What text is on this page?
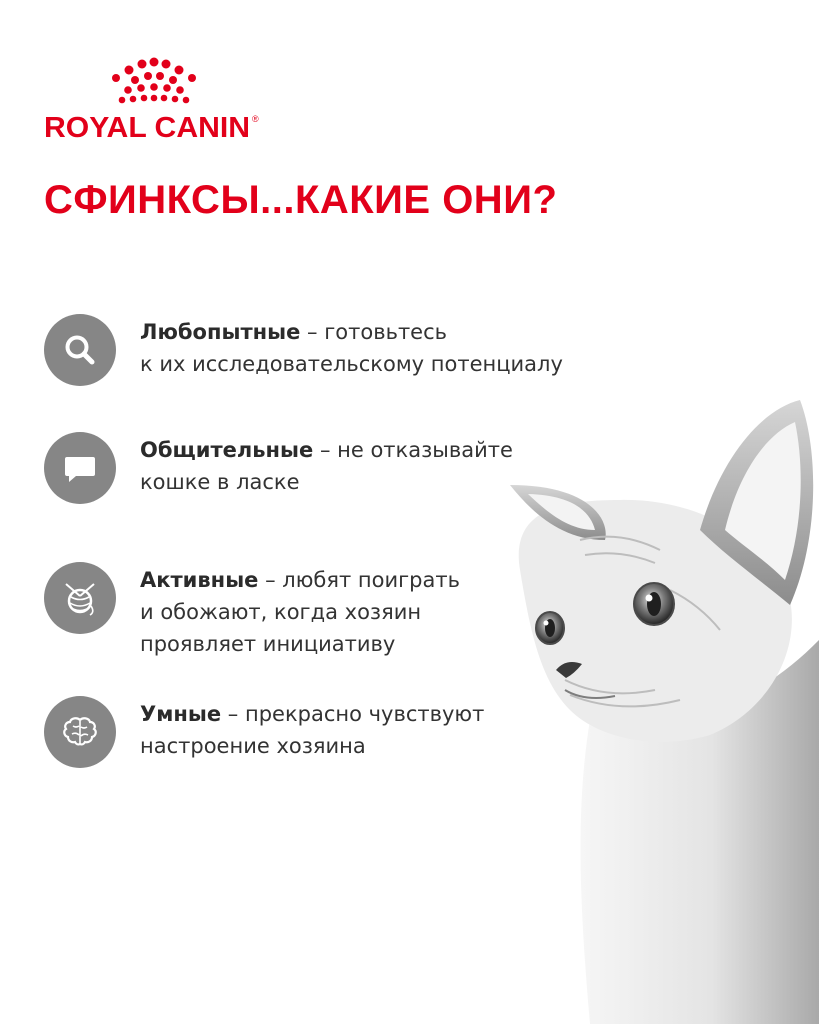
ROYAL CANIN ®
СФИНКСЫ...КАКИЕ ОНИ?
Любопытные – готовьтесь
к их исследовательскому потенциалу
Общительные – не отказывайте
кошке в ласке
Активные – любят поиграть
и обожают, когда хозяин
проявляет инициативу
Умные – прекрасно чувствуют
настроение хозяина
